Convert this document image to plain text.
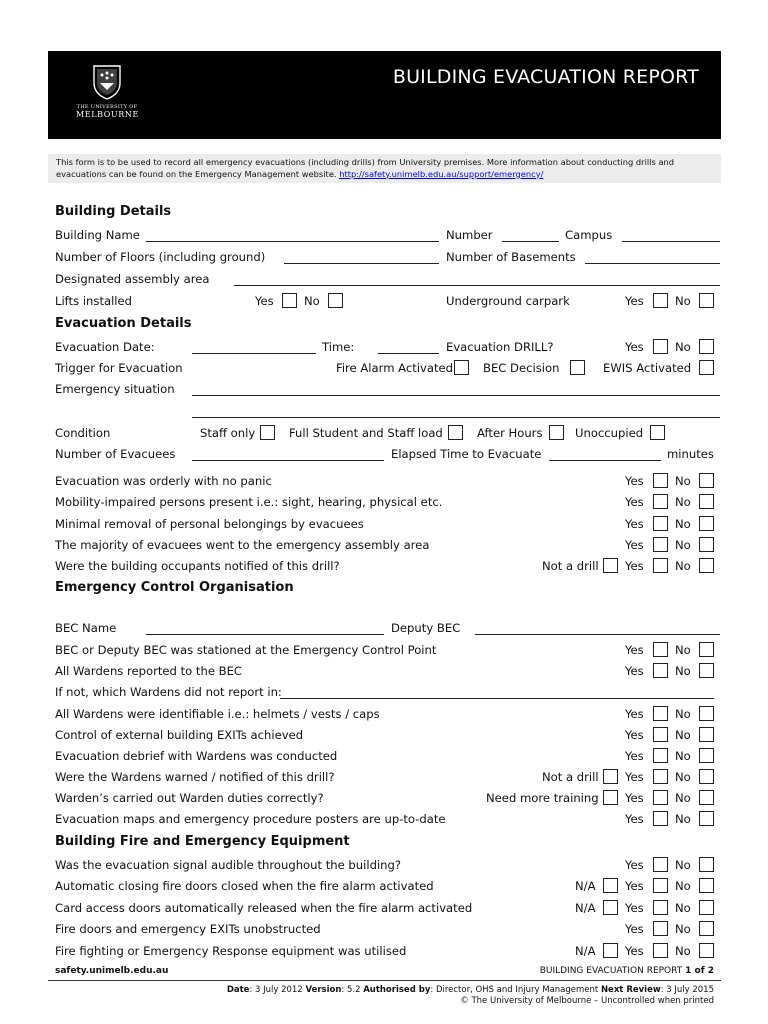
THE UNIVERSITY OF
MELBOURNE
BUILDING EVACUATION REPORT
This form is to be used to record all emergency evacuations (including drills) from University premises. More information about conducting drills and evacuations can be found on the Emergency Management website. http://safety.unimelb.edu.au/support/emergency/
Building Details
Building Name	Number	Campus
Number of Floors (including ground)	Number of Basements
Designated assembly area
Lifts installed	Yes	No	Underground carpark	Yes	No
Evacuation Details
Evacuation Date:	Time:	Evacuation DRILL?	Yes	No
Trigger for Evacuation	Fire Alarm Activated	BEC Decision	EWIS Activated
Emergency situation
Condition	Staff only	Full Student and Staff load	After Hours	Unoccupied
Number of Evacuees	Elapsed Time to Evacuate	minutes
Evacuation was orderly with no panic	Yes	No
Mobility-impaired persons present i.e.: sight, hearing, physical etc.	Yes	No
Minimal removal of personal belongings by evacuees	Yes	No
The majority of evacuees went to the emergency assembly area	Yes	No
Were the building occupants notified of this drill?	Not a drill Yes	No
Emergency Control Organisation
BEC Name	Deputy BEC
BEC or Deputy BEC was stationed at the Emergency Control Point	Yes	No
All Wardens reported to the BEC	Yes	No
If not, which Wardens did not report in:
All Wardens were identifiable i.e.: helmets / vests / caps	Yes	No
Control of external building EXITs achieved	Yes	No
Evacuation debrief with Wardens was conducted	Yes	No
Were the Wardens warned / notified of this drill?	Not a drill Yes	No
Warden’s carried out Warden duties correctly?	Need more training Yes	No
Evacuation maps and emergency procedure posters are up-to-date	Yes	No
Building Fire and Emergency Equipment
Was the evacuation signal audible throughout the building?	Yes	No
Automatic closing fire doors closed when the fire alarm activated	N/A	Yes	No
Card access doors automatically released when the fire alarm activated	N/A	Yes	No
Fire doors and emergency EXITs unobstructed	Yes	No
Fire fighting or Emergency Response equipment was utilised	N/A	Yes	No
safety.unimelb.edu.au	BUILDING EVACUATION REPORT 1 of 2
Date: 3 July 2012 Version: 5.2 Authorised by: Director, OHS and Injury Management Next Review: 3 July 2015
© The University of Melbourne – Uncontrolled when printed
